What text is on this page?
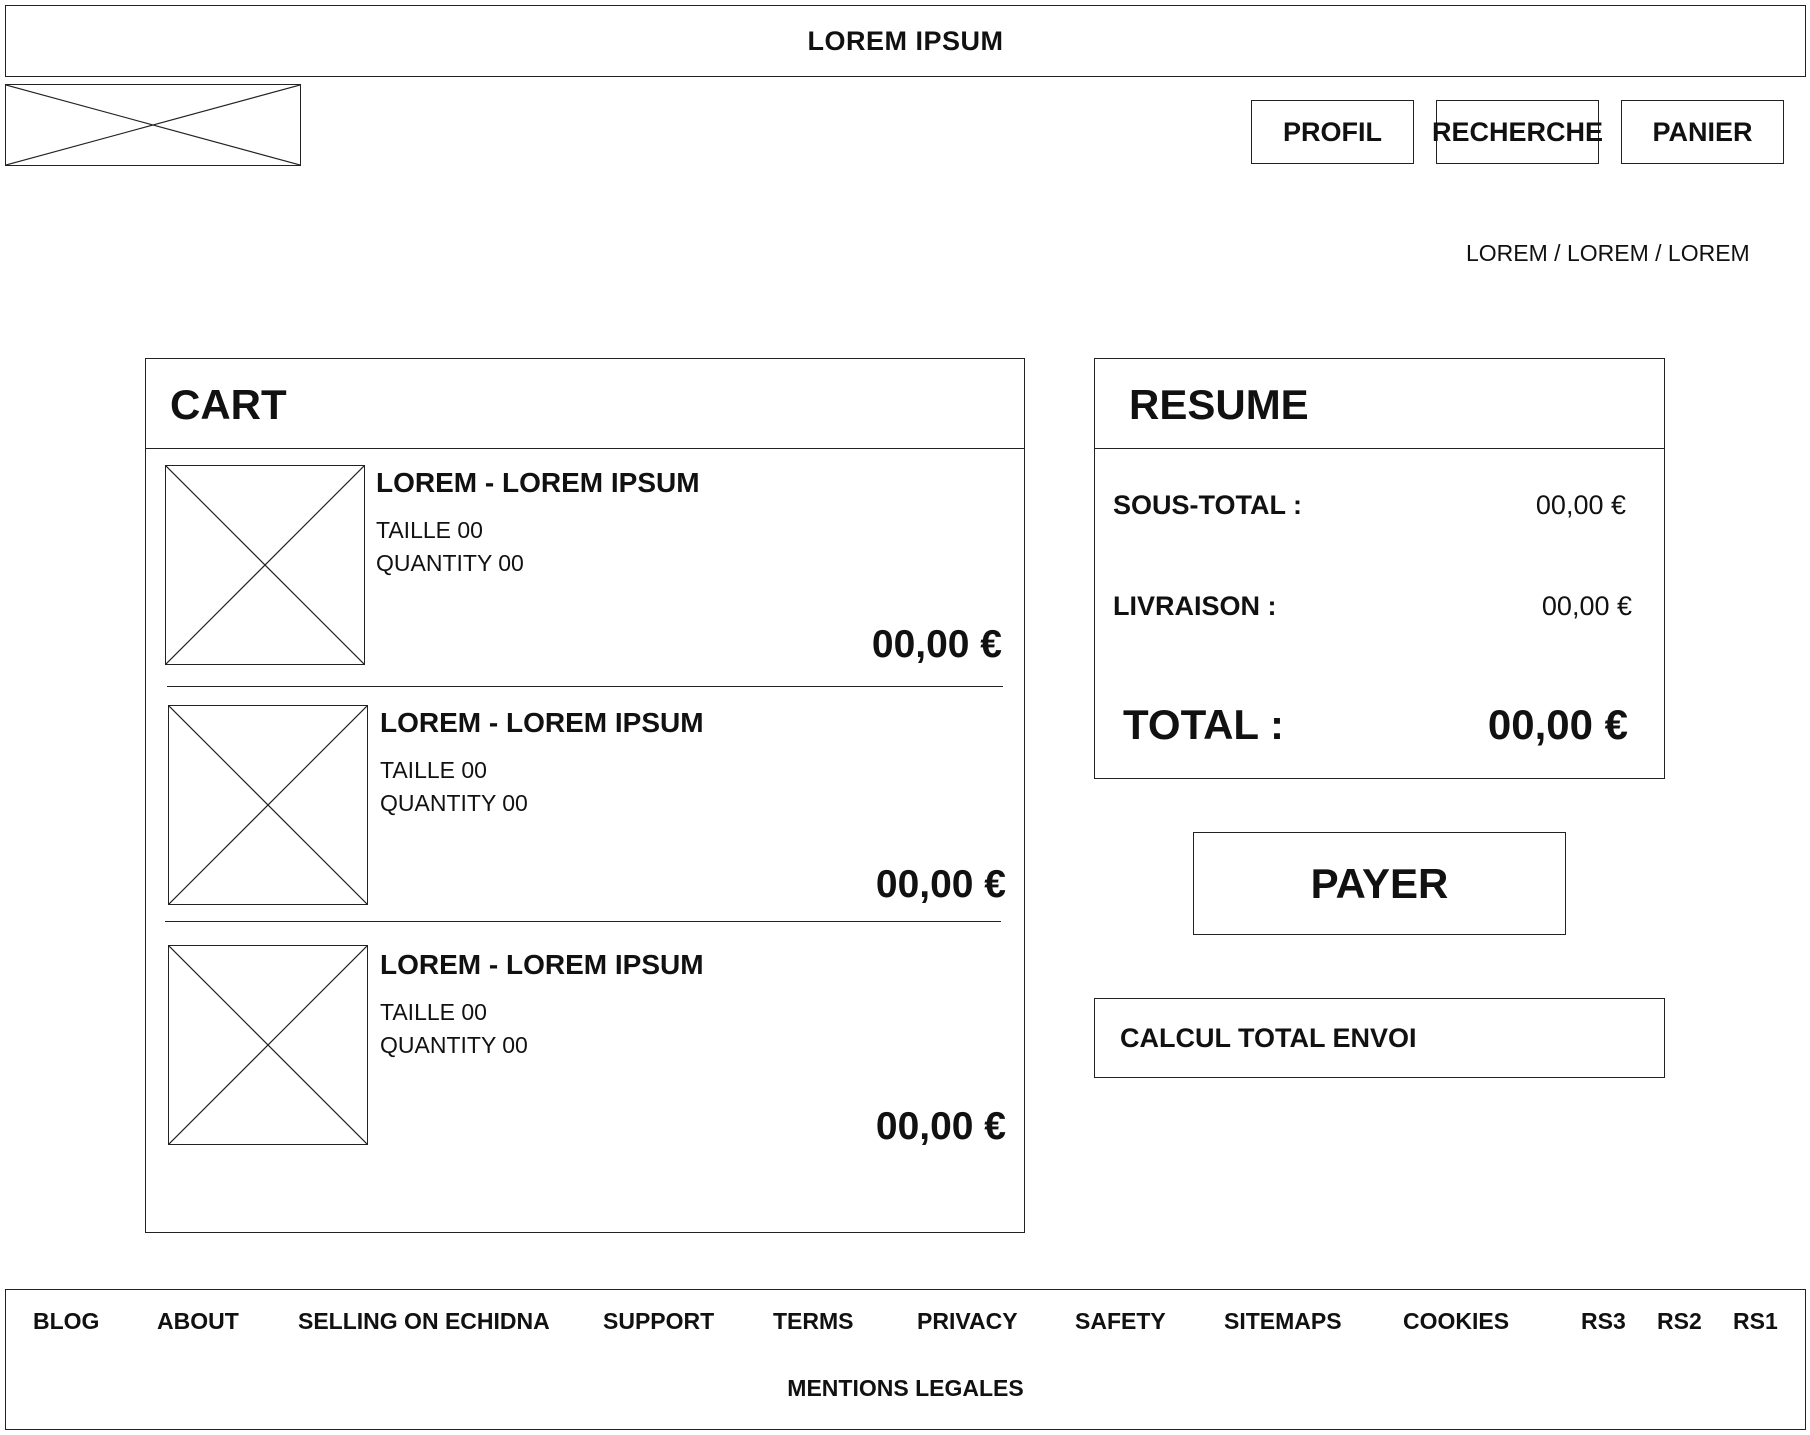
LOREM IPSUM
PROFIL RECHERCHE PANIER
LOREM / LOREM / LOREM
CART
LOREM - LOREM IPSUM
TAILLE 00
QUANTITY 00
00,00 €
LOREM - LOREM IPSUM
TAILLE 00
QUANTITY 00
00,00 €
LOREM - LOREM IPSUM
TAILLE 00
QUANTITY 00
00,00 €
RESUME
SOUS-TOTAL :	00,00 €
LIVRAISON :	00,00 €
TOTAL :	00,00 €
PAYER
CALCUL TOTAL ENVOI
BLOG	ABOUT	SELLING ON ECHIDNA SUPPORT	TERMS	PRIVACY SAFETY	SITEMAPS	COOKIES	RS3 RS2 RS1
MENTIONS LEGALES
